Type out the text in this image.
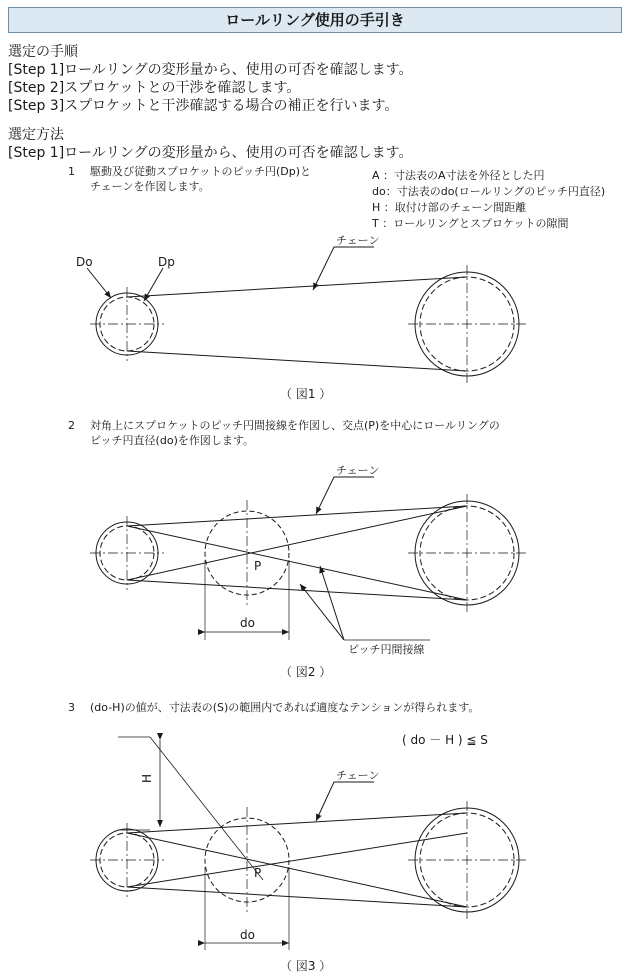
ロールリング使用の手引き
選定の手順
[Step 1]ロールリングの変形量から、使用の可否を確認します。
[Step 2]スプロケットとの干渉を確認します。
[Step 3]スプロケットと干渉確認する場合の補正を行います。
選定方法
[Step 1]ロールリングの変形量から、使用の可否を確認します。
1 駆動及び従動スプロケットのピッチ円(Dp)と
チェーンを作図します。
A ：寸法表のA寸法を外径とした円
do：寸法表のdo(ロールリングのピッチ円直径)
H ：取付け部のチェーン間距離
T ：ロールリングとスプロケットの隙間
2 対角上にスプロケットのピッチ円間接線を作図し、交点(P)を中心にロールリングの
ピッチ円直径(do)を作図します。
3 (do-H)の値が、寸法表の(S)の範囲内であれば適度なテンションが得られます。
( do － H ) ≦ S
Do	Dp
チェーン
（ 図1 ）
チェーン
P
do
ピッチ円間接線
（ 図2 ）
チェーン
P
do
H
（ 図3 ）
